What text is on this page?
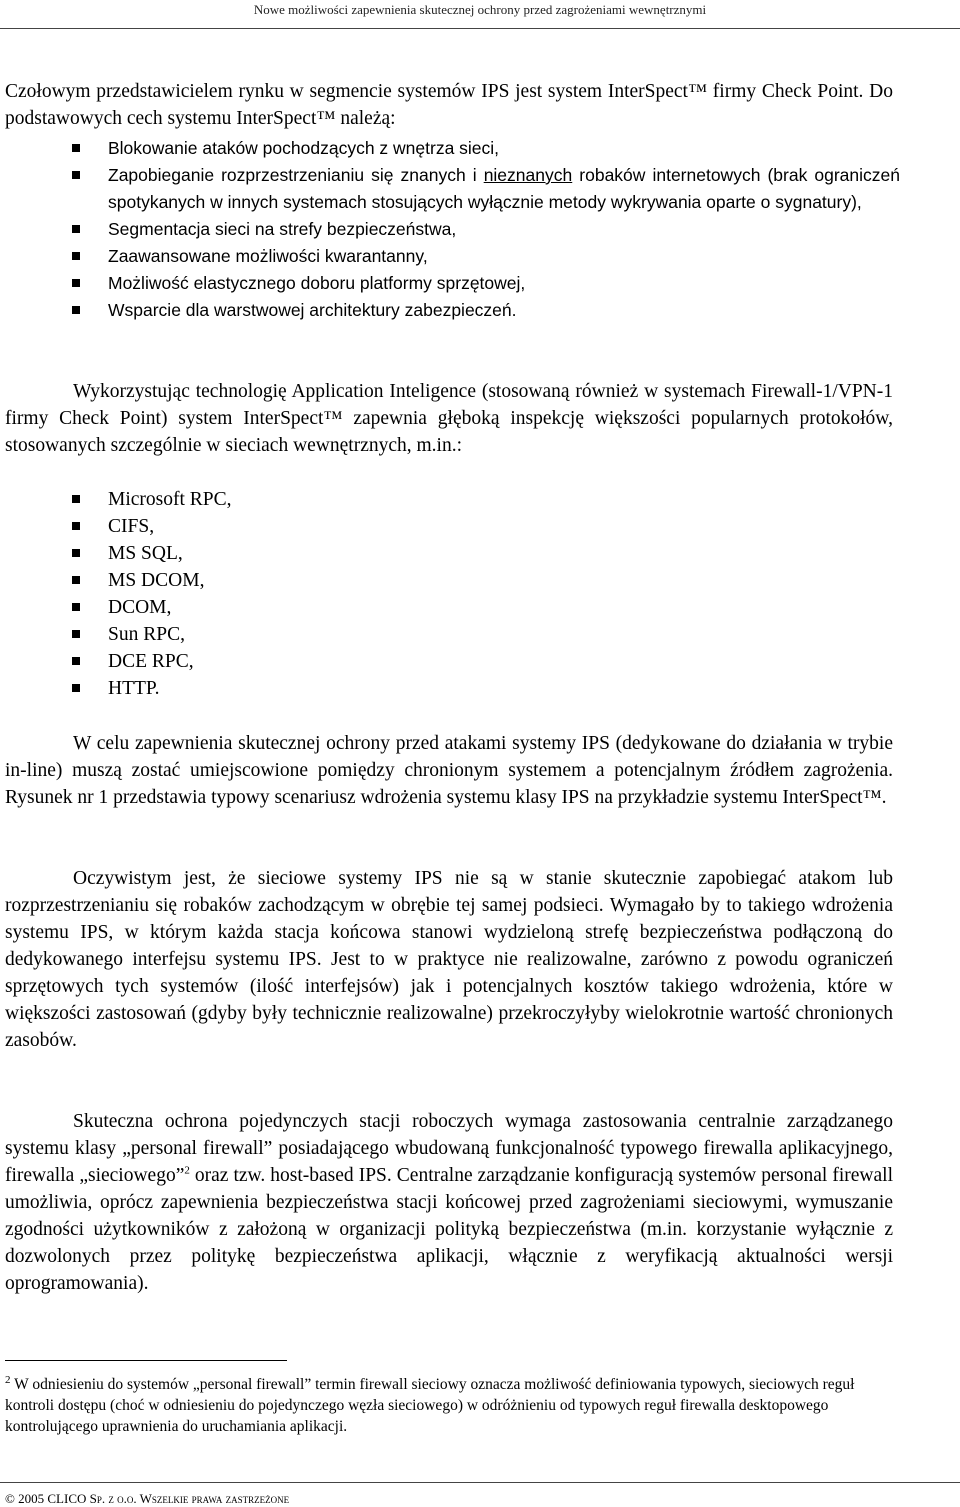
Nowe możliwości zapewnienia skutecznej ochrony przed zagrożeniami wewnętrznymi

Czołowym przedstawicielem rynku w segmencie systemów IPS jest system InterSpect™ firmy Check Point. Do podstawowych cech systemu InterSpect™ należą:

Blokowanie ataków pochodzących z wnętrza sieci,
Zapobieganie rozprzestrzenianiu się znanych i nieznanych robaków internetowych (brak ograniczeń spotykanych w innych systemach stosujących wyłącznie metody wykrywania oparte o sygnatury),
Segmentacja sieci na strefy bezpieczeństwa,
Zaawansowane możliwości kwarantanny,
Możliwość elastycznego doboru platformy sprzętowej,
Wsparcie dla warstwowej architektury zabezpieczeń.

Wykorzystując technologię Application Inteligence (stosowaną również w systemach Firewall-1/VPN-1 firmy Check Point) system InterSpect™ zapewnia głęboką inspekcję większości popularnych protokołów, stosowanych szczególnie w sieciach wewnętrznych, m.in.:

Microsoft RPC,
CIFS,
MS SQL,
MS DCOM,
DCOM,
Sun RPC,
DCE RPC,
HTTP.

W celu zapewnienia skutecznej ochrony przed atakami systemy IPS (dedykowane do działania w trybie in-line) muszą zostać umiejscowione pomiędzy chronionym systemem a potencjalnym źródłem zagrożenia. Rysunek nr 1 przedstawia typowy scenariusz wdrożenia systemu klasy IPS na przykładzie systemu InterSpect™.

Oczywistym jest, że sieciowe systemy IPS nie są w stanie skutecznie zapobiegać atakom lub rozprzestrzenianiu się robaków zachodzącym w obrębie tej samej podsieci. Wymagało by to takiego wdrożenia systemu IPS, w którym każda stacja końcowa stanowi wydzieloną strefę bezpieczeństwa podłączoną do dedykowanego interfejsu systemu IPS. Jest to w praktyce nie realizowalne, zarówno z powodu ograniczeń sprzętowych tych systemów (ilość interfejsów) jak i potencjalnych kosztów takiego wdrożenia, które w większości zastosowań (gdyby były technicznie realizowalne) przekroczyłyby wielokrotnie wartość chronionych zasobów.

Skuteczna ochrona pojedynczych stacji roboczych wymaga zastosowania centralnie zarządzanego systemu klasy „personal firewall” posiadającego wbudowaną funkcjonalność typowego firewalla aplikacyjnego, firewalla „sieciowego”$^2$ oraz tzw. host-based IPS. Centralne zarządzanie konfiguracją systemów personal firewall umożliwia, oprócz zapewnienia bezpieczeństwa stacji końcowej przed zagrożeniami sieciowymi, wymuszanie zgodności użytkowników z założoną w organizacji polityką bezpieczeństwa (m.in. korzystanie wyłącznie z dozwolonych przez politykę bezpieczeństwa aplikacji, włącznie z weryfikacją aktualności wersji oprogramowania).

$^2$ W odniesieniu do systemów „personal firewall” termin firewall sieciowy oznacza możliwość definiowania typowych, sieciowych reguł kontroli dostępu (choć w odniesieniu do pojedynczego węzła sieciowego) w odróżnieniu od typowych reguł firewalla desktopowego kontrolującego uprawnienia do uruchamiania aplikacji.

© 2005 CLICO Sp. z o.o. Wszelkie prawa zastrzeżone
